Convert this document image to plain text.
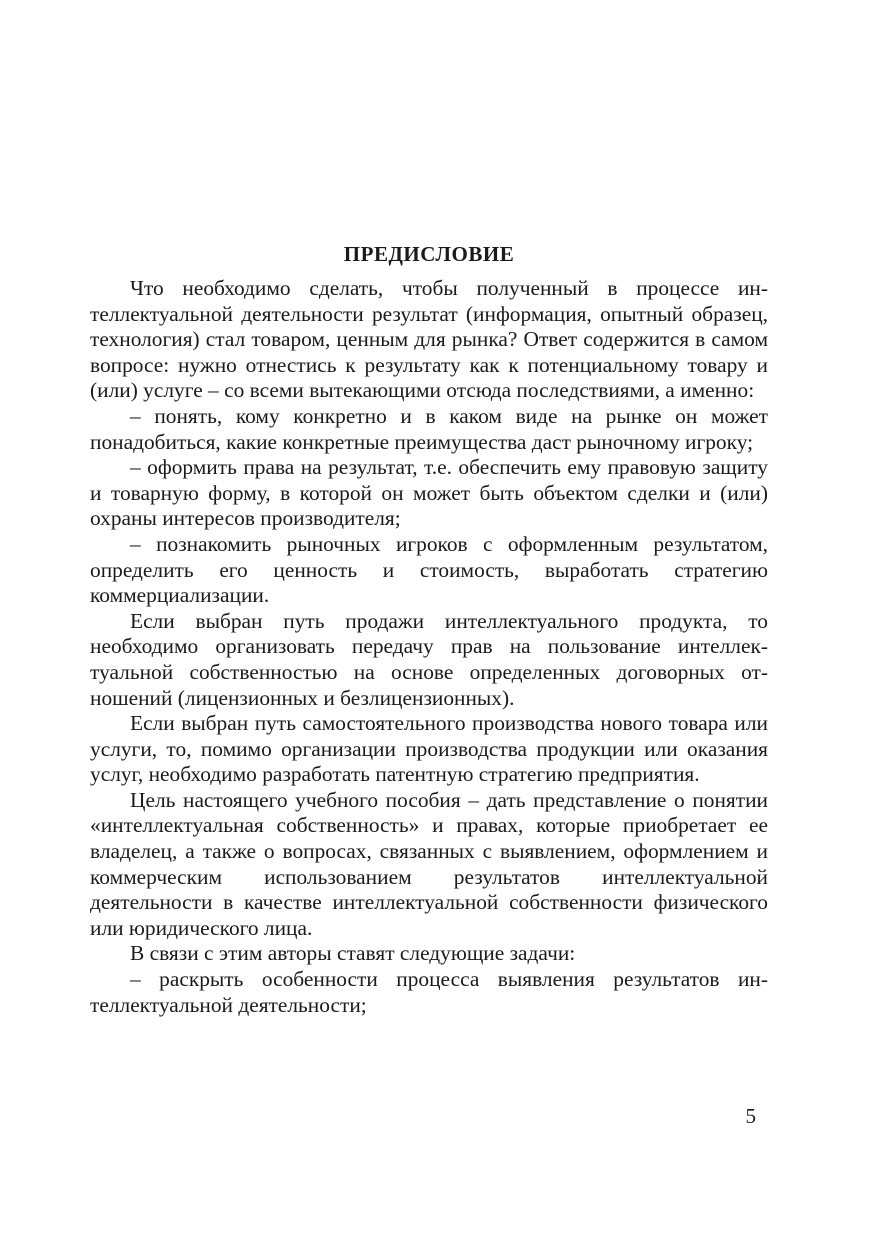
ПРЕДИСЛОВИЕ

Что необходимо сделать, чтобы полученный в процессе интеллектуальной деятельности результат (информация, опытный образец, технология) стал товаром, ценным для рынка? Ответ содержится в самом вопросе: нужно отнестись к результату как к потенциальному товару и (или) услуге – со всеми вытекающими отсюда последствиями, а именно:

– понять, кому конкретно и в каком виде на рынке он может понадобиться, какие конкретные преимущества даст рыночному игроку;

– оформить права на результат, т.е. обеспечить ему правовую защиту и товарную форму, в которой он может быть объектом сделки и (или) охраны интересов производителя;

– познакомить рыночных игроков с оформленным результатом, определить его ценность и стоимость, выработать стратегию коммерциализации.

Если выбран путь продажи интеллектуального продукта, то необходимо организовать передачу прав на пользование интеллектуальной собственностью на основе определенных договорных отношений (лицензионных и безлицензионных).

Если выбран путь самостоятельного производства нового товара или услуги, то, помимо организации производства продукции или оказания услуг, необходимо разработать патентную стратегию предприятия.

Цель настоящего учебного пособия – дать представление о понятии «интеллектуальная собственность» и правах, которые приобретает ее владелец, а также о вопросах, связанных с выявлением, оформлением и коммерческим использованием результатов интеллектуальной деятельности в качестве интеллектуальной собственности физического или юридического лица.

В связи с этим авторы ставят следующие задачи:

– раскрыть особенности процесса выявления результатов интеллектуальной деятельности;

5
